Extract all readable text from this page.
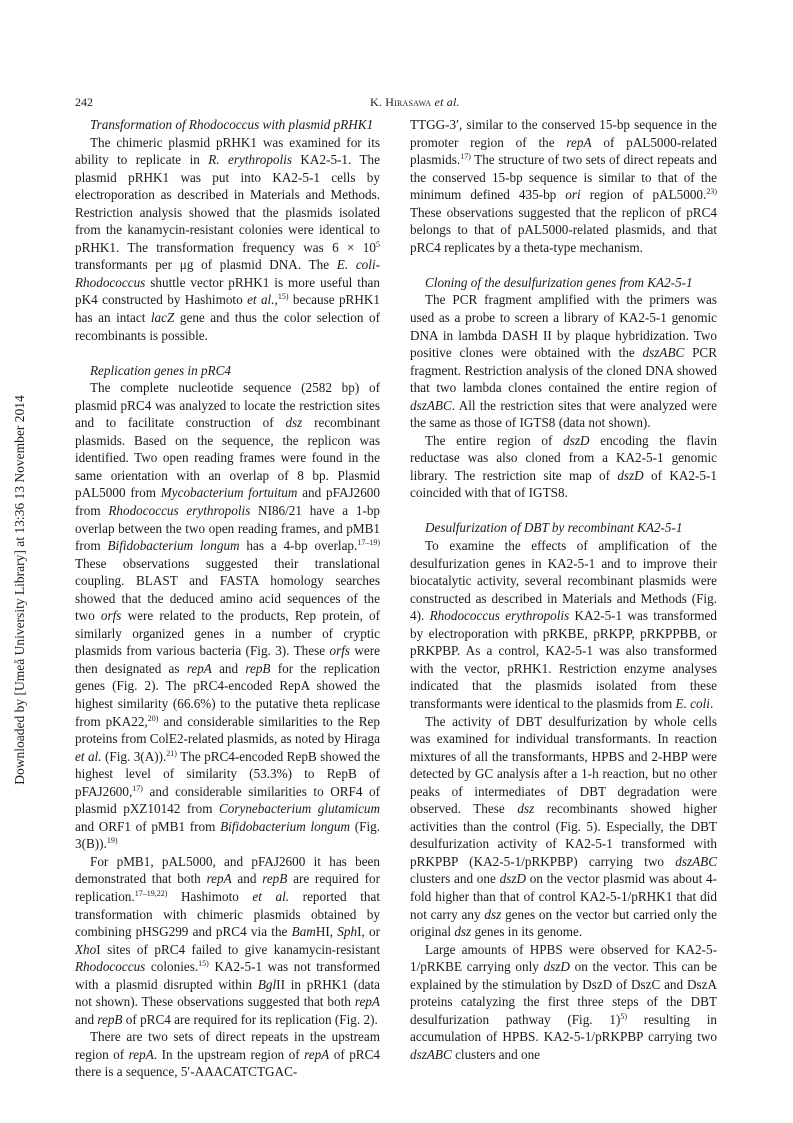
242	K. Hirasawa et al.
Downloaded by [Umeå University Library] at 13:36 13 November 2014
Transformation of Rhodococcus with plasmid pRHK1

The chimeric plasmid pRHK1 was examined for its ability to replicate in R. erythropolis KA2-5-1. The plasmid pRHK1 was put into KA2-5-1 cells by electroporation as described in Materials and Methods. Restriction analysis showed that the plasmids isolated from the kanamycin-resistant colonies were identical to pRHK1. The transformation frequency was $6 \times 10^5$ transformants per μg of plasmid DNA. The E. coli-Rhodococcus shuttle vector pRHK1 is more useful than pK4 constructed by Hashimoto et al.,$^{15)}$ because pRHK1 has an intact lacZ gene and thus the color selection of recombinants is possible.

Replication genes in pRC4

The complete nucleotide sequence (2582 bp) of plasmid pRC4 was analyzed to locate the restriction sites and to facilitate construction of dsz recombinant plasmids. Based on the sequence, the replicon was identified. Two open reading frames were found in the same orientation with an overlap of 8 bp. Plasmid pAL5000 from Mycobacterium fortuitum and pFAJ2600 from Rhodococcus erythropolis NI86/21 have a 1-bp overlap between the two open reading frames, and pMB1 from Bifidobacterium longum has a 4-bp overlap.$^{17-19)}$ These observations suggested their translational coupling. BLAST and FASTA homology searches showed that the deduced amino acid sequences of the two orfs were related to the products, Rep protein, of similarly organized genes in a number of cryptic plasmids from various bacteria (Fig. 3). These orfs were then designated as repA and repB for the replication genes (Fig. 2). The pRC4-encoded RepA showed the highest similarity (66.6%) to the putative theta replicase from pKA22,$^{20)}$ and considerable similarities to the Rep proteins from ColE2-related plasmids, as noted by Hiraga et al. (Fig. 3(A)).$^{21)}$ The pRC4-encoded RepB showed the highest level of similarity (53.3%) to RepB of pFAJ2600,$^{17)}$ and considerable similarities to ORF4 of plasmid pXZ10142 from Corynebacterium glutamicum and ORF1 of pMB1 from Bifidobacterium longum (Fig. 3(B)).$^{19)}$

For pMB1, pAL5000, and pFAJ2600 it has been demonstrated that both repA and repB are required for replication.$^{17-19,22)}$ Hashimoto et al. reported that transformation with chimeric plasmids obtained by combining pHSG299 and pRC4 via the BamHI, SphI, or XhoI sites of pRC4 failed to give kanamycin-resistant Rhodococcus colonies.$^{15)}$ KA2-5-1 was not transformed with a plasmid disrupted within BglII in pRHK1 (data not shown). These observations suggested that both repA and repB of pRC4 are required for its replication (Fig. 2).

There are two sets of direct repeats in the upstream region of repA. In the upstream region of repA of pRC4 there is a sequence, 5′-AAACATCTGAC-

TTGG-3′, similar to the conserved 15-bp sequence in the promoter region of the repA of pAL5000-related plasmids.$^{17)}$ The structure of two sets of direct repeats and the conserved 15-bp sequence is similar to that of the minimum defined 435-bp ori region of pAL5000.$^{23)}$ These observations suggested that the replicon of pRC4 belongs to that of pAL5000-related plasmids, and that pRC4 replicates by a theta-type mechanism.

Cloning of the desulfurization genes from KA2-5-1

The PCR fragment amplified with the primers was used as a probe to screen a library of KA2-5-1 genomic DNA in lambda DASH II by plaque hybridization. Two positive clones were obtained with the dszABC PCR fragment. Restriction analysis of the cloned DNA showed that two lambda clones contained the entire region of dszABC. All the restriction sites that were analyzed were the same as those of IGTS8 (data not shown).

The entire region of dszD encoding the flavin reductase was also cloned from a KA2-5-1 genomic library. The restriction site map of dszD of KA2-5-1 coincided with that of IGTS8.

Desulfurization of DBT by recombinant KA2-5-1

To examine the effects of amplification of the desulfurization genes in KA2-5-1 and to improve their biocatalytic activity, several recombinant plasmids were constructed as described in Materials and Methods (Fig. 4). Rhodococcus erythropolis KA2-5-1 was transformed by electroporation with pRKBE, pRKPP, pRKPPBB, or pRKPBP. As a control, KA2-5-1 was also transformed with the vector, pRHK1. Restriction enzyme analyses indicated that the plasmids isolated from these transformants were identical to the plasmids from E. coli.

The activity of DBT desulfurization by whole cells was examined for individual transformants. In reaction mixtures of all the transformants, HPBS and 2-HBP were detected by GC analysis after a 1-h reaction, but no other peaks of intermediates of DBT degradation were observed. These dsz recombinants showed higher activities than the control (Fig. 5). Especially, the DBT desulfurization activity of KA2-5-1 transformed with pRKPBP (KA2-5-1/pRKPBP) carrying two dszABC clusters and one dszD on the vector plasmid was about 4-fold higher than that of control KA2-5-1/pRHK1 that did not carry any dsz genes on the vector but carried only the original dsz genes in its genome.

Large amounts of HPBS were observed for KA2-5-1/pRKBE carrying only dszD on the vector. This can be explained by the stimulation by DszD of DszC and DszA proteins catalyzing the first three steps of the DBT desulfurization pathway (Fig. 1)$^{5)}$ resulting in accumulation of HPBS. KA2-5-1/pRKPBP carrying two dszABC clusters and one
